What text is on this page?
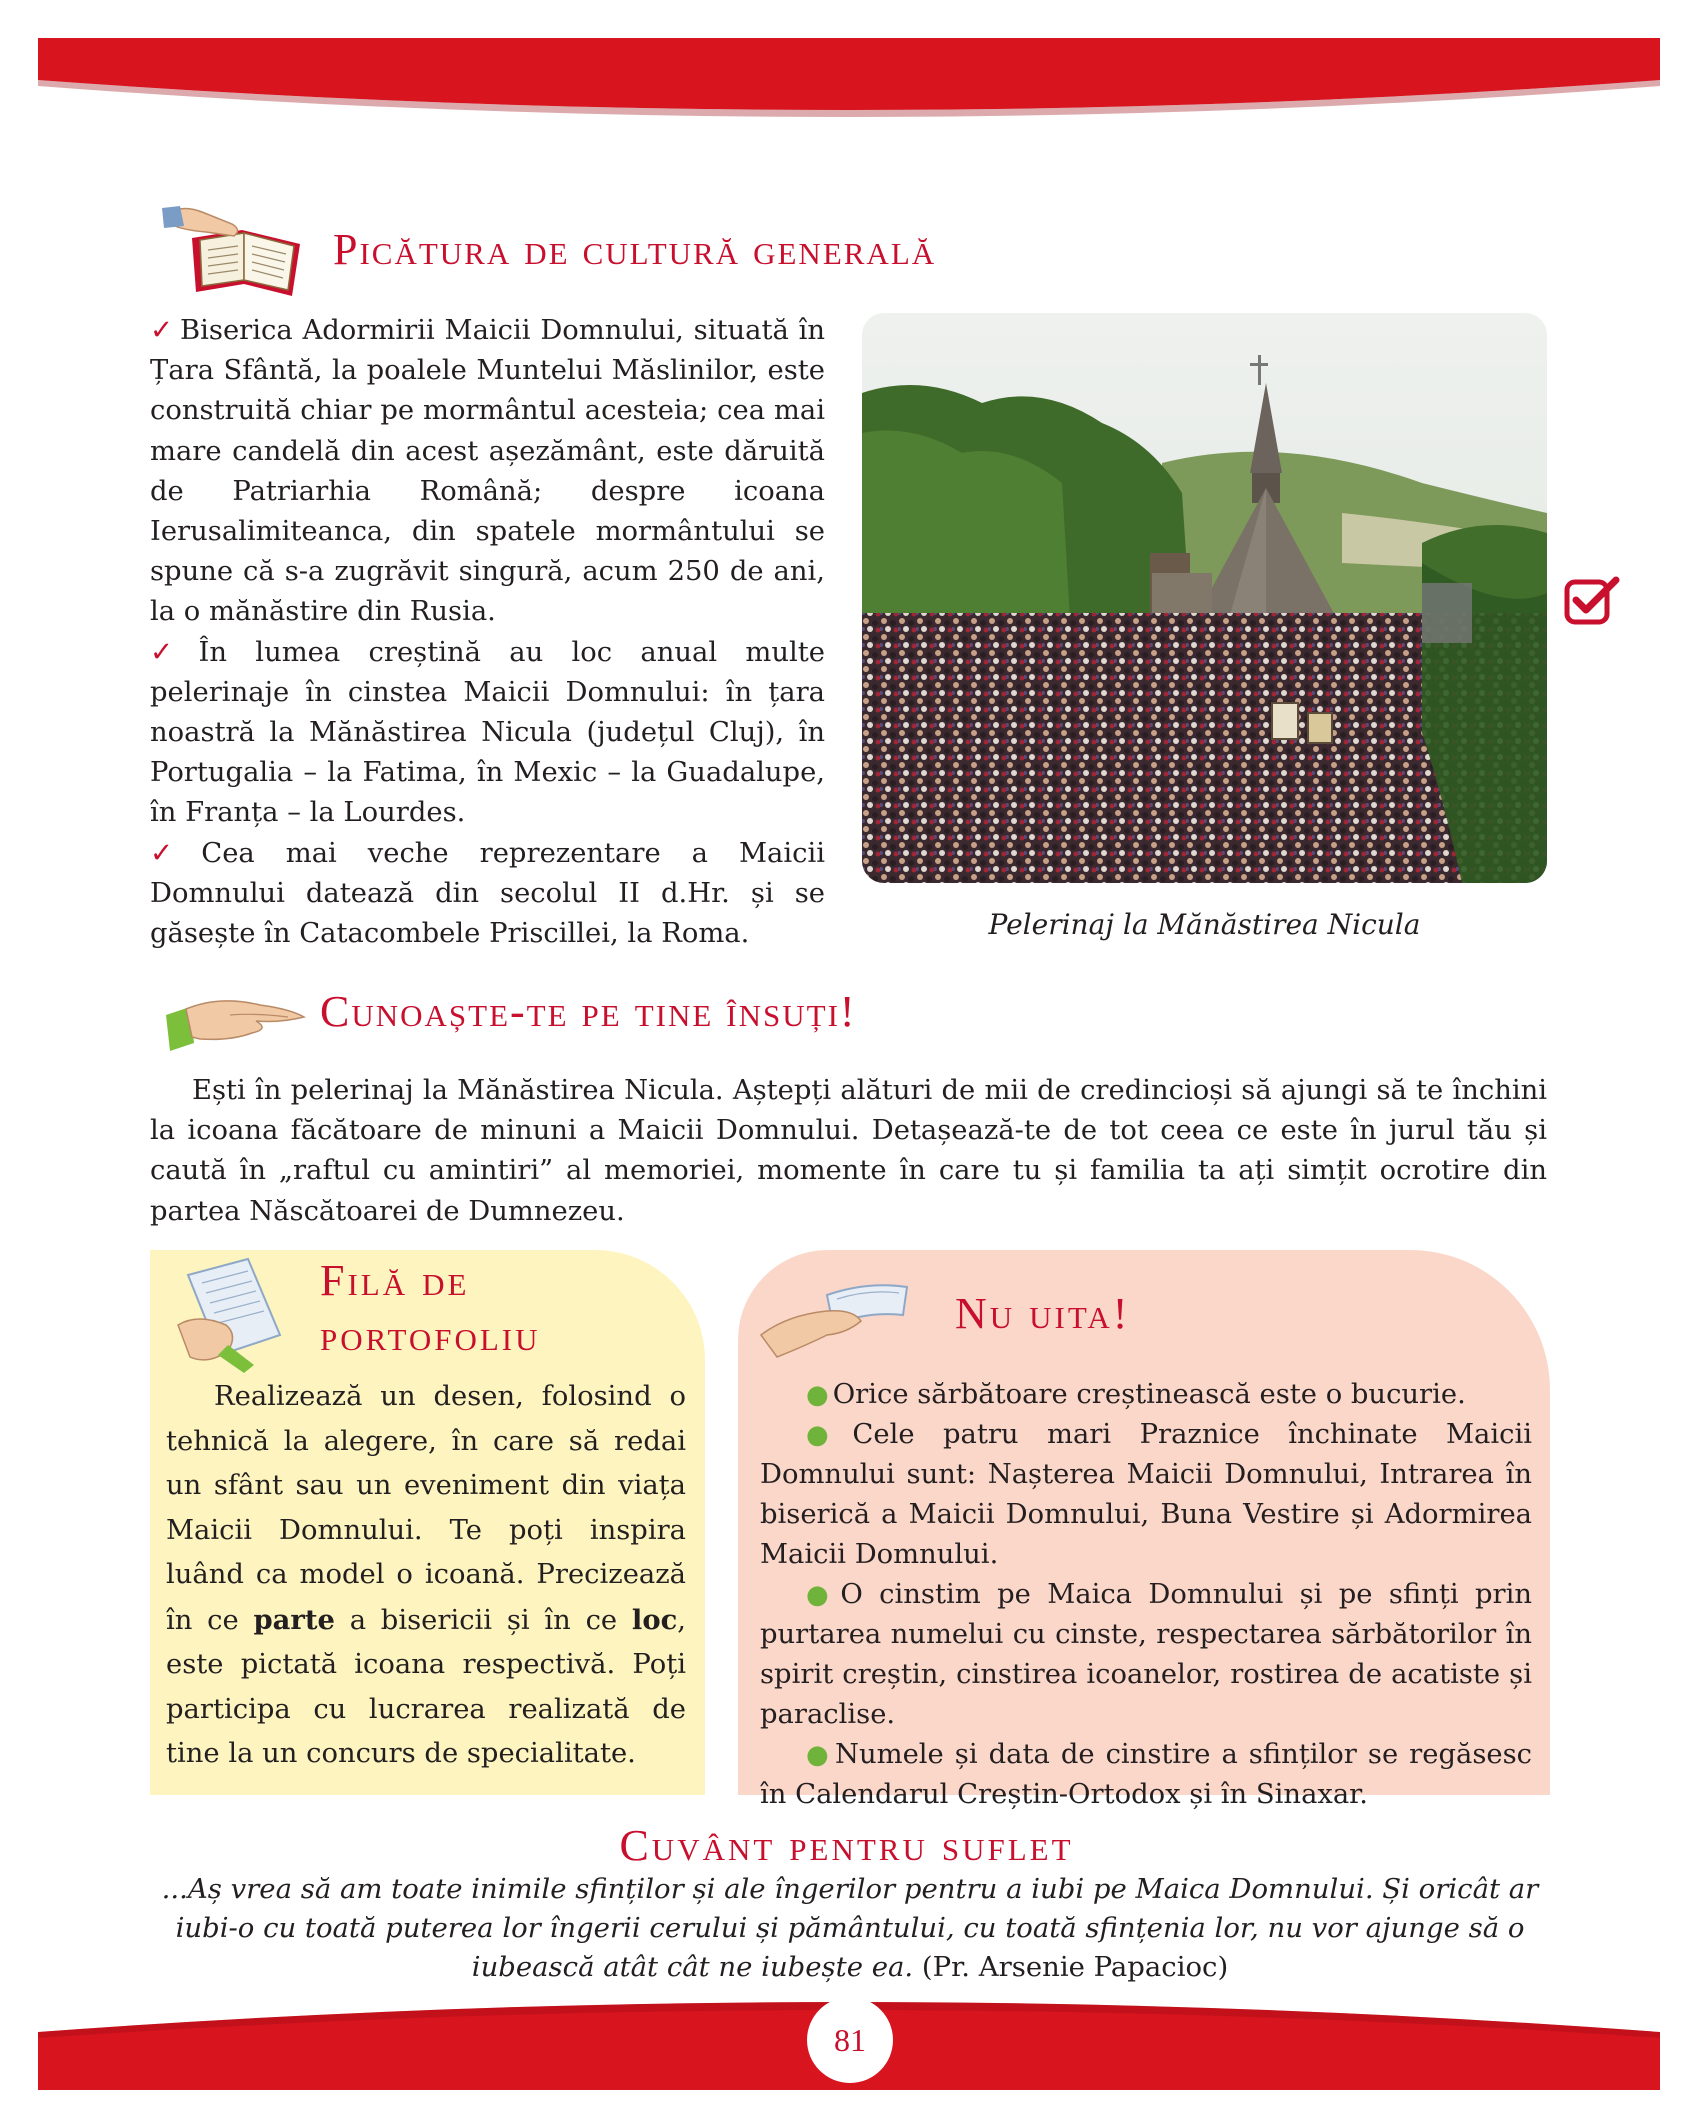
Picătura de cultură generală

✓ Biserica Adormirii Maicii Domnului, situată în Țara Sfântă, la poalele Muntelui Măslinilor, este construită chiar pe mormântul acesteia; cea mai mare candelă din acest așezământ, este dăruită de Patriarhia Română; despre icoana Ierusalimiteanca, din spatele mormântului se spune că s-a zugrăvit singură, acum 250 de ani, la o mănăstire din Rusia.

✓ În lumea creștină au loc anual multe pelerinaje în cinstea Maicii Domnului: în țara noastră la Mănăstirea Nicula (județul Cluj), în Portugalia – la Fatima, în Mexic – la Guadalupe, în Franța – la Lourdes.

✓ Cea mai veche reprezentare a Maicii Domnului datează din secolul II d.Hr. și se găsește în Catacombele Priscillei, la Roma.	Pelerinaj la Mănăstirea Nicula
Cunoaște-te pe tine însuți!

Ești în pelerinaj la Mănăstirea Nicula. Aștepți alături de mii de credincioși să ajungi să te închini la icoana făcătoare de minuni a Maicii Domnului. Detașează-te de tot ceea ce este în jurul tău și caută în „raftul cu amintiri” al memoriei, momente în care tu și familia ta ați simțit ocrotire din partea Născătoarei de Dumnezeu.

Filă de
portofoliu

Realizează un desen, folosind o tehnică la alegere, în care să redai un sfânt sau un eveniment din viața Maicii Domnului. Te poți inspira luând ca model o icoană. Precizează în ce parte a bisericii și în ce loc, este pictată icoana respectivă. Poți participa cu lucrarea realizată de tine la un concurs de specialitate.

Nu uita!

● Orice sărbătoare creștinească este o bucurie.

● Cele patru mari Praznice închinate Maicii Domnului sunt: Nașterea Maicii Domnului, Intrarea în biserică a Maicii Domnului, Buna Vestire și Adormirea Maicii Domnului.

● O cinstim pe Maica Domnului și pe sfinți prin purtarea numelui cu cinste, respectarea sărbătorilor în spirit creștin, cinstirea icoanelor, rostirea de acatiste și paraclise.

● Numele și data de cinstire a sfinților se regăsesc în Calendarul Creștin-Ortodox și în Sinaxar.

Cuvânt pentru suflet
...Aș vrea să am toate inimile sfinților și ale îngerilor pentru a iubi pe Maica Domnului. Și oricât ar iubi-o cu toată puterea lor îngerii cerului și pământului, cu toată sfințenia lor, nu vor ajunge să o iubească atât cât ne iubește ea. (Pr. Arsenie Papacioc)
81
